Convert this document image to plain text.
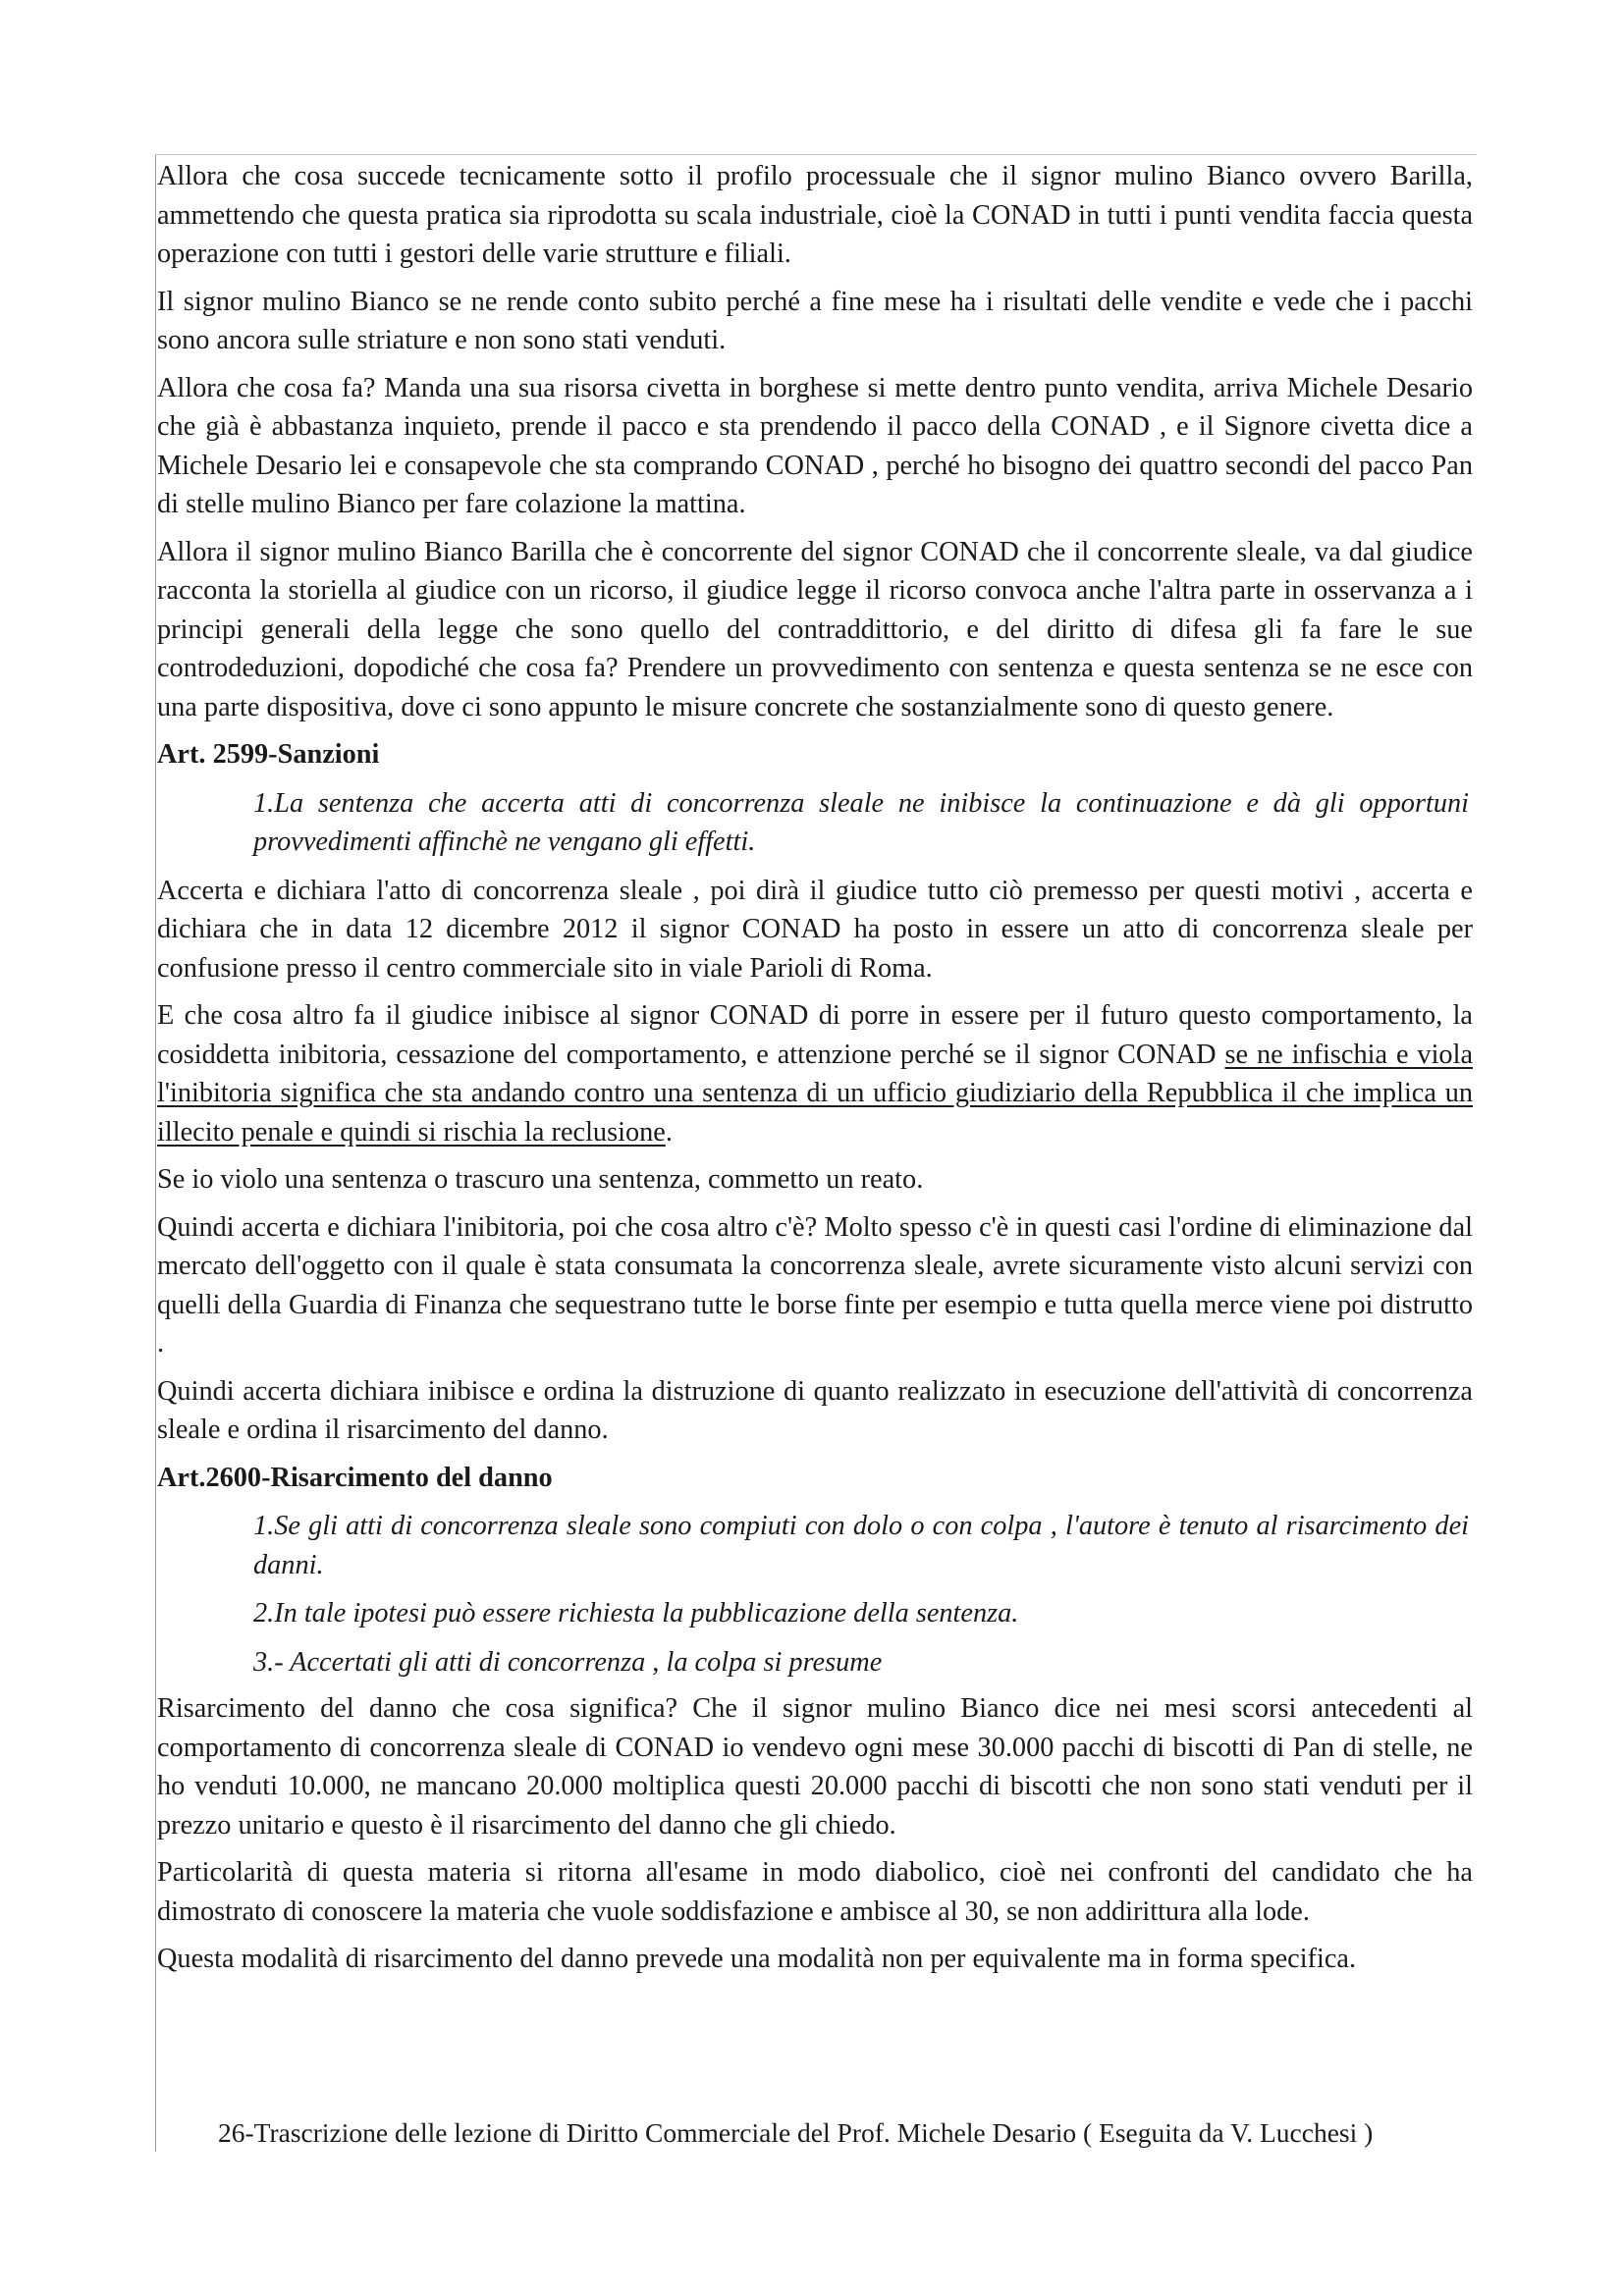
Allora che cosa succede tecnicamente sotto il profilo processuale che il signor mulino Bianco ovvero Barilla, ammettendo che questa pratica sia riprodotta su scala industriale, cioè la CONAD in tutti i punti vendita faccia questa operazione con tutti i gestori delle varie strutture e filiali.

Il signor mulino Bianco se ne rende conto subito perché a fine mese ha i risultati delle vendite e vede che i pacchi sono ancora sulle striature e non sono stati venduti.

Allora che cosa fa? Manda una sua risorsa civetta in borghese si mette dentro punto vendita, arriva Michele Desario che già è abbastanza inquieto, prende il pacco e sta prendendo il pacco della CONAD , e il Signore civetta dice a Michele Desario lei e consapevole che sta comprando CONAD , perché ho bisogno dei quattro secondi del pacco Pan di stelle mulino Bianco per fare colazione la mattina.

Allora il signor mulino Bianco Barilla che è concorrente del signor CONAD che il concorrente sleale, va dal giudice racconta la storiella al giudice con un ricorso, il giudice legge il ricorso convoca anche l'altra parte in osservanza a i principi generali della legge che sono quello del contraddittorio, e del diritto di difesa gli fa fare le sue controdeduzioni, dopodiché che cosa fa? Prendere un provvedimento con sentenza e questa sentenza se ne esce con una parte dispositiva, dove ci sono appunto le misure concrete che sostanzialmente sono di questo genere.

Art. 2599-Sanzioni

1.La sentenza che accerta atti di concorrenza sleale ne inibisce la continuazione e dà gli opportuni provvedimenti affinchè ne vengano gli effetti.

Accerta e dichiara l'atto di concorrenza sleale , poi dirà il giudice tutto ciò premesso per questi motivi , accerta e dichiara che in data 12 dicembre 2012 il signor CONAD ha posto in essere un atto di concorrenza sleale per confusione presso il centro commerciale sito in viale Parioli di Roma.

E che cosa altro fa il giudice inibisce al signor CONAD di porre in essere per il futuro questo comportamento, la cosiddetta inibitoria, cessazione del comportamento, e attenzione perché se il signor CONAD se ne infischia e viola l'inibitoria significa che sta andando contro una sentenza di un ufficio giudiziario della Repubblica il che implica un illecito penale e quindi si rischia la reclusione.

Se io violo una sentenza o trascuro una sentenza, commetto un reato.

Quindi accerta e dichiara l'inibitoria, poi che cosa altro c'è? Molto spesso c'è in questi casi l'ordine di eliminazione dal mercato dell'oggetto con il quale è stata consumata la concorrenza sleale, avrete sicuramente visto alcuni servizi con quelli della Guardia di Finanza che sequestrano tutte le borse finte per esempio e tutta quella merce viene poi distrutto .

Quindi accerta dichiara inibisce e ordina la distruzione di quanto realizzato in esecuzione dell'attività di concorrenza sleale e ordina il risarcimento del danno.

Art.2600-Risarcimento del danno

1.Se gli atti di concorrenza sleale sono compiuti con dolo o con colpa , l'autore è tenuto al risarcimento dei danni.

2.In tale ipotesi può essere richiesta la pubblicazione della sentenza.

3.- Accertati gli atti di concorrenza , la colpa si presume

Risarcimento del danno che cosa significa? Che il signor mulino Bianco dice nei mesi scorsi antecedenti al comportamento di concorrenza sleale di CONAD io vendevo ogni mese 30.000 pacchi di biscotti di Pan di stelle, ne ho venduti 10.000, ne mancano 20.000 moltiplica questi 20.000 pacchi di biscotti che non sono stati venduti per il prezzo unitario e questo è il risarcimento del danno che gli chiedo.

Particolarità di questa materia si ritorna all'esame in modo diabolico, cioè nei confronti del candidato che ha dimostrato di conoscere la materia che vuole soddisfazione e ambisce al 30, se non addirittura alla lode.

Questa modalità di risarcimento del danno prevede una modalità non per equivalente ma in forma specifica.

26-Trascrizione delle lezione di Diritto Commerciale del Prof. Michele Desario ( Eseguita da V. Lucchesi )
